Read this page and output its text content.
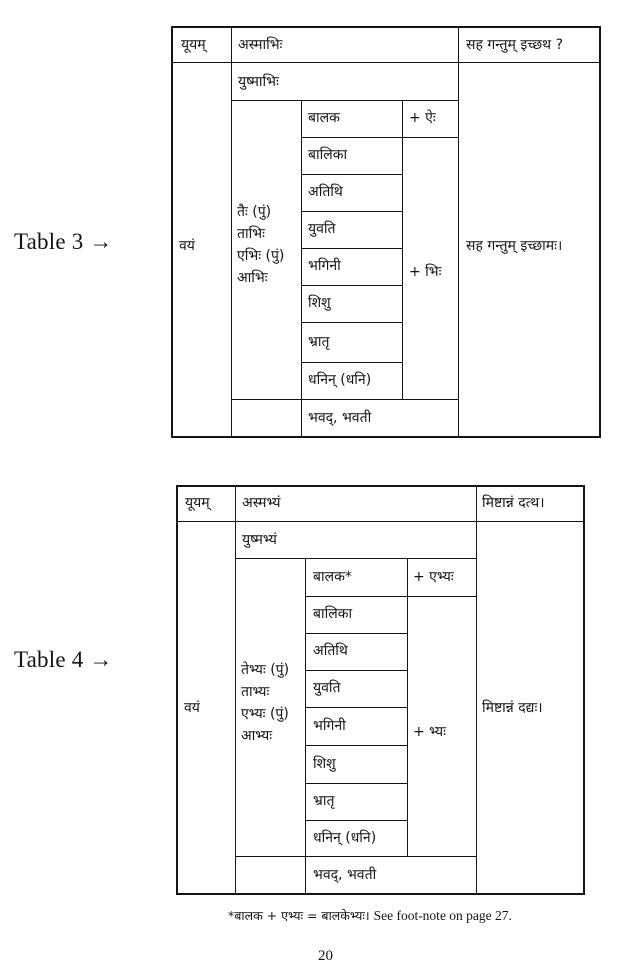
Table 3 →
Table 4 →
यूयम् अस्माभिः	सह गन्तुम् इच्छथ ?
वयं
युष्माभिः
तैः (पुं)
ताभिः
एभिः (पुं)
आभिः
बालक
बालिका
अतिथि
युवति
भगिनी
शिशु
भ्रातृ
धनिन् (धनि)
+ ऐः
+ भिः
भवद्, भवती
सह गन्तुम् इच्छामः।
यूयम् अस्मभ्यं	मिष्टान्नं दत्थ।
वयं
युष्मभ्यं
तेभ्यः (पुं)
ताभ्यः
एभ्यः (पुं)
आभ्यः
बालक*
बालिका
अतिथि
युवति
भगिनी
शिशु
भ्रातृ
धनिन् (धनि)
+ एभ्यः
+ भ्यः
भवद्, भवती
मिष्टान्नं दद्यः।
*बालक + एभ्यः = बालकेभ्यः। See foot-note on page 27.
20
